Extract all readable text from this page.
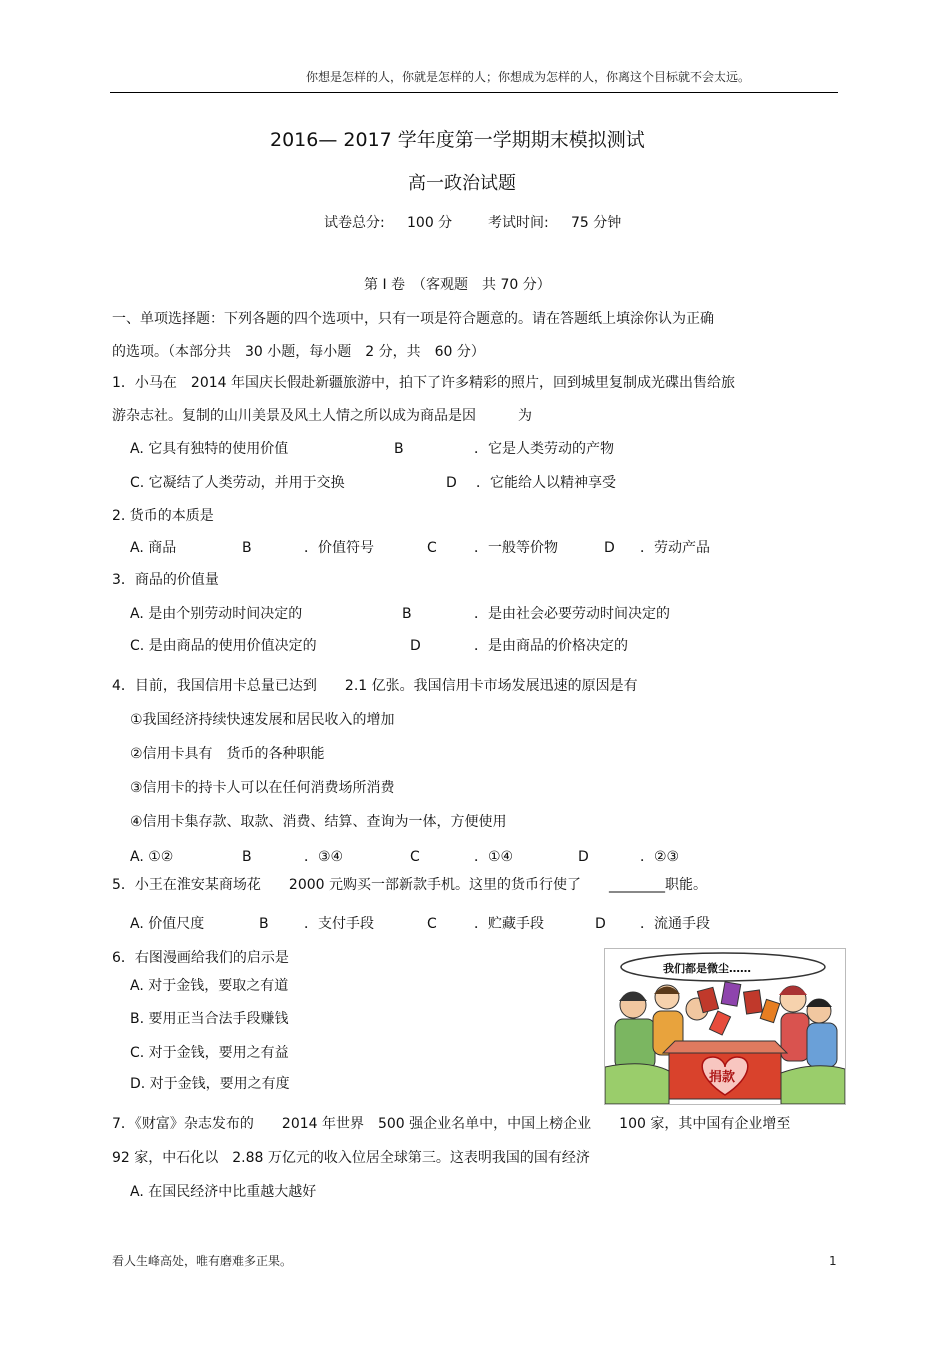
你想是怎样的人，你就是怎样的人；你想成为怎样的人，你离这个目标就不会太远。
2016— 2017 学年度第一学期期末模拟测试
高一政治试题
试卷总分: 100 分	考试时间: 75 分钟
第 I 卷　（客观题　共 70 分）
一、单项选择题：下列各题的四个选项中，只有一项是符合题意的。请在答题纸上填涂你认为正确
的选项。（本部分共　30 小题，每小题　2 分，共　60 分）
1．小马在　2014 年国庆长假赴新疆旅游中，拍下了许多精彩的照片，回到城里复制成光碟出售给旅
游杂志社。复制的山川美景及风土人情之所以成为商品是因　　　为
A. 它具有独特的使用价值	B	．它是人类劳动的产物
C. 它凝结了人类劳动，并用于交换	D ．它能给人以精神享受
2. 货币的本质是
A. 商品	B	．价值符号	C	．一般等价物	D ．劳动产品
3．商品的价值量
A. 是由个别劳动时间决定的	B	．是由社会必要劳动时间决定的
C. 是由商品的使用价值决定的	D	．是由商品的价格决定的
4．目前，我国信用卡总量已达到　　2.1 亿张。我国信用卡市场发展迅速的原因是有
①我国经济持续快速发展和居民收入的增加
②信用卡具有　货币的各种职能
③信用卡的持卡人可以在任何消费场所消费
④信用卡集存款、取款、消费、结算、查询为一体，方便使用
A. ①②	B	．③④	C	．①④	D	．②③
5．小王在淮安某商场花　　2000 元购买一部新款手机。这里的货币行使了　　________职能。
A. 价值尺度	B	．支付手段	C	．贮藏手段	D ．流通手段
6．右图漫画给我们的启示是
A. 对于金钱，要取之有道
B. 要用正当合法手段赚钱
C. 对于金钱，要用之有益
D. 对于金钱，要用之有度
我们都是微尘……
捐款
7．《财富》杂志发布的　　2014 年世界　500 强企业名单中，中国上榜企业　　100 家，其中国有企业增至
92 家，中石化以　2.88 万亿元的收入位居全球第三。这表明我国的国有经济
A. 在国民经济中比重越大越好
看人生峰高处，唯有磨难多正果。	1
